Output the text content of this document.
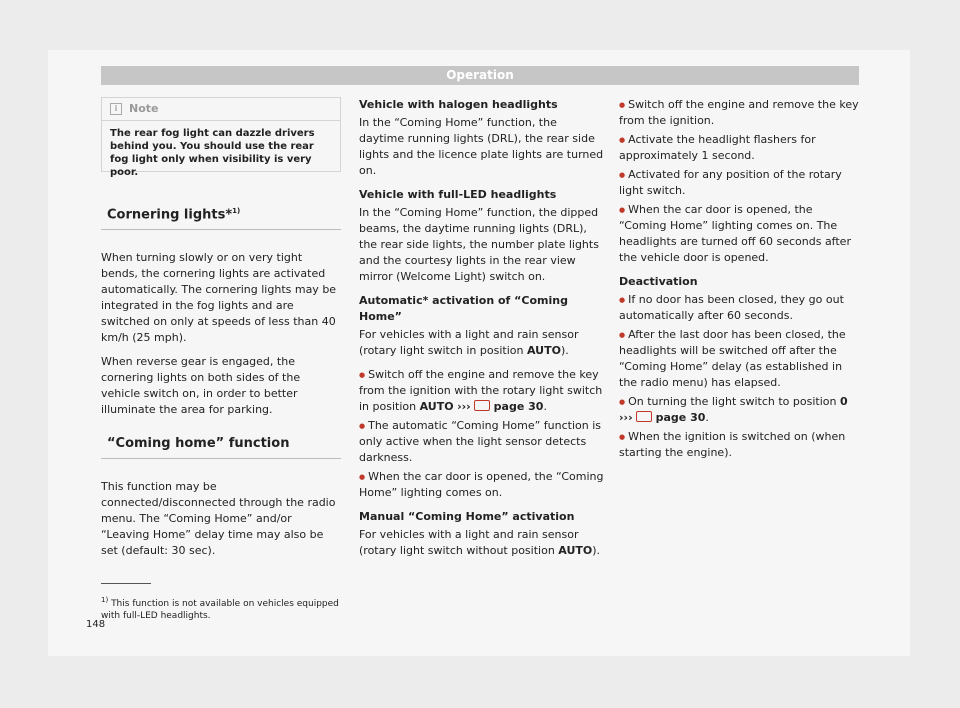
Operation
i	Note
The rear fog light can dazzle drivers behind you. You should use the rear fog light only when visibility is very poor.
Cornering lights*$^{1)}$

When turning slowly or on very tight bends, the cornering lights are activated automatically. The cornering lights may be integrated in the fog lights and are switched on only at speeds of less than 40 km/h (25 mph).

When reverse gear is engaged, the cornering lights on both sides of the vehicle switch on, in order to better illuminate the area for parking.

“Coming home” function

This function may be connected/disconnected through the radio menu. The “Coming Home” and/or “Leaving Home” delay time may also be set (default: 30 sec).

Vehicle with halogen headlights

In the “Coming Home” function, the daytime running lights (DRL), the rear side lights and the licence plate lights are turned on.

Vehicle with full-LED headlights

In the “Coming Home” function, the dipped beams, the daytime running lights (DRL), the rear side lights, the number plate lights and the courtesy lights in the rear view mirror (Welcome Light) switch on.

Automatic* activation of “Coming Home”

For vehicles with a light and rain sensor (rotary light switch in position AUTO).

● Switch off the engine and remove the key from the ignition with the rotary light switch in position AUTO ››› page 30.

● The automatic “Coming Home” function is only active when the light sensor detects darkness.

● When the car door is opened, the “Coming Home” lighting comes on.

Manual “Coming Home” activation

For vehicles with a light and rain sensor (rotary light switch without position AUTO).

● Switch off the engine and remove the key from the ignition.

● Activate the headlight flashers for approximately 1 second.

● Activated for any position of the rotary light switch.

● When the car door is opened, the “Coming Home” lighting comes on. The headlights are turned off 60 seconds after the vehicle door is opened.

Deactivation

● If no door has been closed, they go out automatically after 60 seconds.

● After the last door has been closed, the headlights will be switched off after the “Coming Home” delay (as established in the radio menu) has elapsed.

● On turning the light switch to position 0
››› page 30.

● When the ignition is switched on (when starting the engine).

$^{1)}$ This function is not available on vehicles equipped with full-LED headlights.
148
